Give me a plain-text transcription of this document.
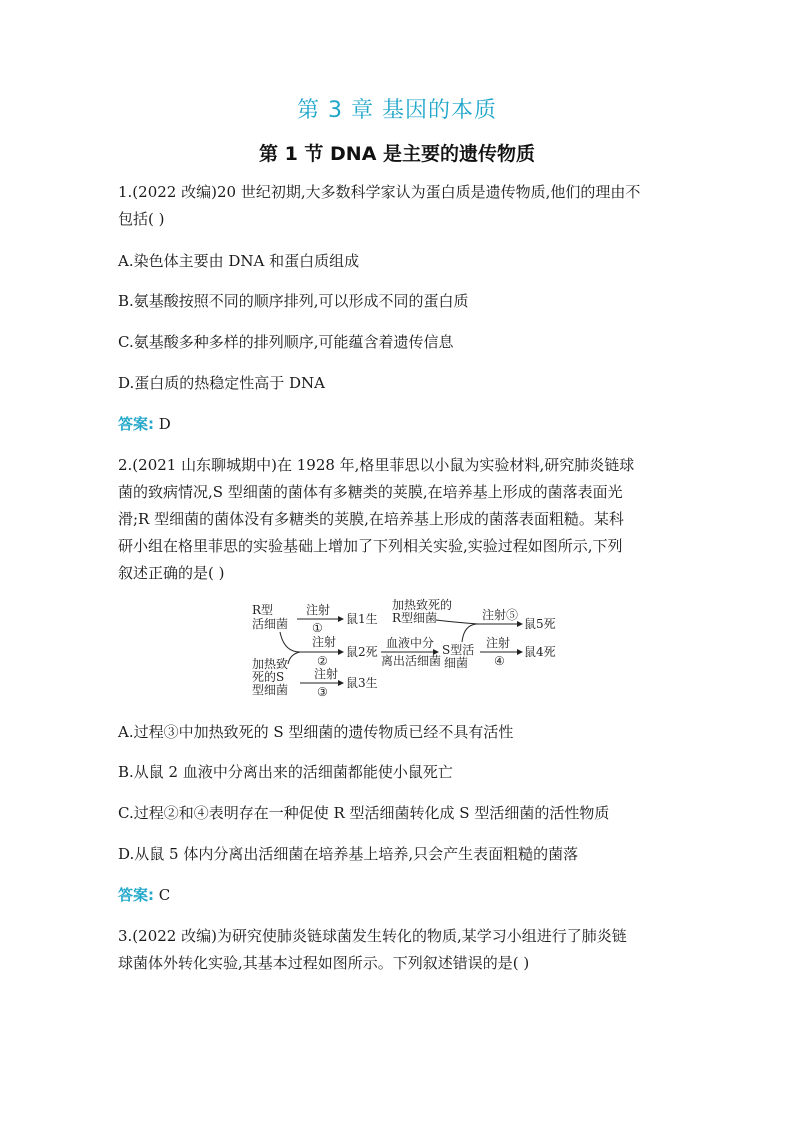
第 3 章 基因的本质
第 1 节 DNA 是主要的遗传物质
1.(2022 改编)20 世纪初期,大多数科学家认为蛋白质是遗传物质,他们的理由不
包括( )
A.染色体主要由 DNA 和蛋白质组成
B.氨基酸按照不同的顺序排列,可以形成不同的蛋白质
C.氨基酸多种多样的排列顺序,可能蕴含着遗传信息
D.蛋白质的热稳定性高于 DNA
答案: D
2.(2021 山东聊城期中)在 1928 年,格里菲思以小鼠为实验材料,研究肺炎链球
菌的致病情况,S 型细菌的菌体有多糖类的荚膜,在培养基上形成的菌落表面光
滑;R 型细菌的菌体没有多糖类的荚膜,在培养基上形成的菌落表面粗糙。某科
研小组在格里菲思的实验基础上增加了下列相关实验,实验过程如图所示,下列
叙述正确的是( )
R型
活细菌
注射
①
鼠1生
注射
②
鼠2死
加热致
死的S
型细菌
注射
③
鼠3生
血液中分
离出活细菌
S型活
细菌
加热致死的
R型细菌	注射⑤
鼠5死
注射
④
鼠4死
A.过程③中加热致死的 S 型细菌的遗传物质已经不具有活性
B.从鼠 2 血液中分离出来的活细菌都能使小鼠死亡
C.过程②和④表明存在一种促使 R 型活细菌转化成 S 型活细菌的活性物质
D.从鼠 5 体内分离出活细菌在培养基上培养,只会产生表面粗糙的菌落
答案: C
3.(2022 改编)为研究使肺炎链球菌发生转化的物质,某学习小组进行了肺炎链
球菌体外转化实验,其基本过程如图所示。下列叙述错误的是( )
